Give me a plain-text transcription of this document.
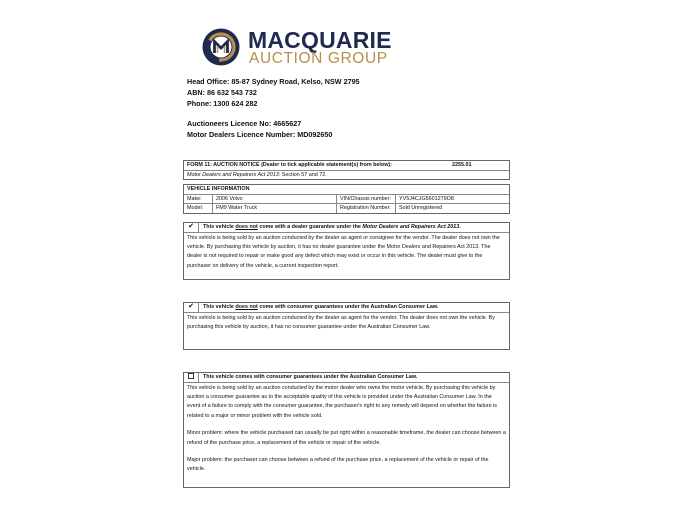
MACQUARIE
AUCTION GROUP
Head Office: 85-87 Sydney Road, Kelso, NSW 2795
ABN: 86 632 543 732
Phone: 1300 624 282
Auctioneers Licence No: 4665627
Motor Dealers Licence Number: MD092650
FORM 11: AUCTION NOTICE (Dealer to tick applicable statement(s) from below):	2255.01
Motor Dealers and Repairers Act 2013: Section 57 and 72.
VEHICLE INFORMATION
Make:	2006 Volvo	VIN/Chassis number:	YV5J4CJG5601279O8
Model:	FM9 Water Truck	Registration Number:	Sold Unregistered
✔	This vehicle does not come with a dealer guarantee under the Motor Dealers and Repairers Act 2013.
This vehicle is being sold by an auction conducted by the dealer as agent or consignee for the vendor. The dealer does not own the vehicle. By purchasing this vehicle by auction, it has no dealer guarantee under the Motor Dealers and Repairers Act 2013. The dealer is not required to repair or make good any defect which may exist or occur in this vehicle. The dealer must give to the purchaser on delivery of the vehicle, a current inspection report.
✔	This vehicle does not come with consumer guarantees under the Australian Consumer Law.
This vehicle is being sold by an auction conducted by the dealer as agent for the vendor. The dealer does not own the vehicle. By purchasing this vehicle by auction, it has no consumer guarantee under the Australian Consumer Law.
This vehicle comes with consumer guarantees under the Australian Consumer Law.

This vehicle is being sold by an auction conducted by the motor dealer who owns the motor vehicle. By purchasing this vehicle by auction a consumer guarantee as to the acceptable quality of this vehicle is provided under the Australian Consumer Law. In the event of a failure to comply with the consumer guarantee, the purchaser's right to any remedy will depend on whether the failure is related to a major or minor problem with the vehicle sold.

Minor problem: where the vehicle purchased can usually be put right within a reasonable timeframe, the dealer can choose between a refund of the purchase price, a replacement of the vehicle or repair of the vehicle.

Major problem: the purchaser can choose between a refund of the purchase price, a replacement of the vehicle or repair of the vehicle.
